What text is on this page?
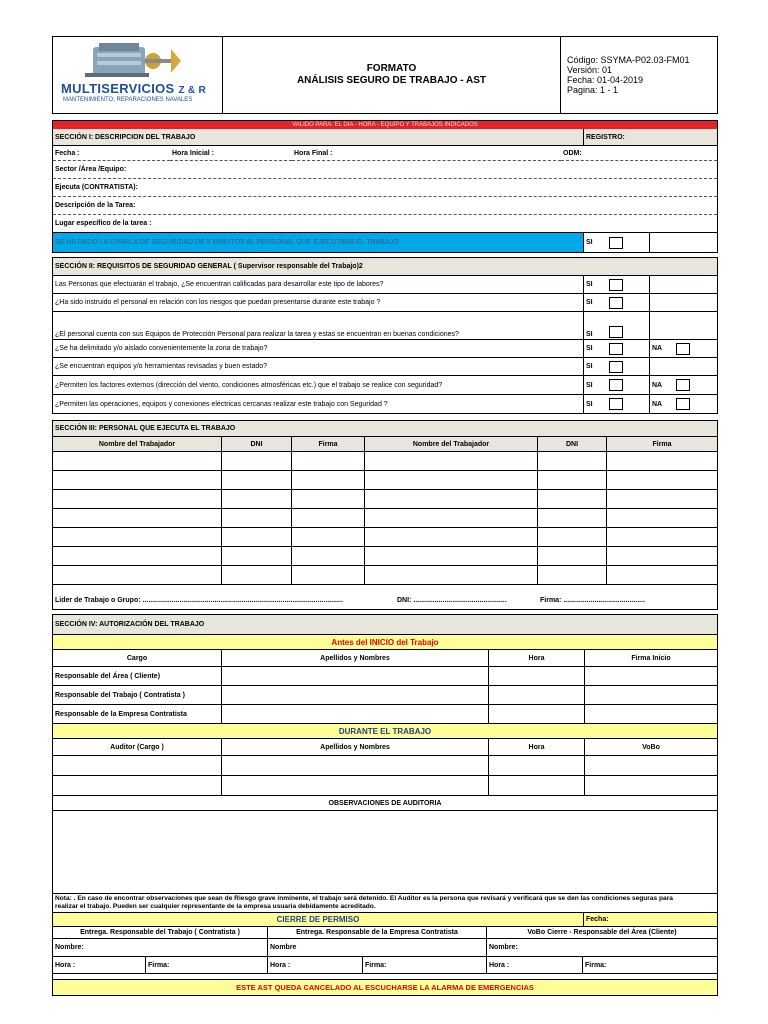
MULTISERVICIOS Z & R
MANTENIMIENTO, REPARACIONES NAVALES
FORMATO
ANÁLISIS SEGURO DE TRABAJO - AST
Código: SSYMA-P02.03-FM01
Versión: 01
Fecha: 01-04-2019
Pagina: 1 - 1
VALIDO PARA: EL DIA - HORA - EQUIPO Y TRABAJOS INDICADOS
SECCIÓN I: DESCRIPCION DEL TRABAJO	REGISTRO:
Fecha :	Hora Inicial :	Hora Final :	ODM:
Sector /Área /Equipo:
Ejecuta (CONTRATISTA):
Descripción de la Tarea:
Lugar específico de la tarea :
SE HA DADO LA CHARLA DE SEGURIDAD DE 5 MINUTOS AL PERSONAL QUE EJECUTARA EL TRABAJO	SI
SECCIÓN II: REQUISITOS DE SEGURIDAD GENERAL ( Supervisor responsable del Trabajo)2
Las Personas que efectuarán el trabajo, ¿Se encuentran calificadas para desarrollar este tipo de labores?	SI
¿Ha sido instruido el personal en relación con los riesgos que puedan presentarse durante este trabajo ?	SI
¿El personal cuenta con sus Equipos de Protección Personal para realizar la tarea y estas se encuentran en buenas condiciones?	SI
¿Se ha delimitado y/o aislado convenientemente la zona de trabajo?	SI	NA
¿Se encuentran equipos y/o herramientas revisadas y buen estado?	SI
¿Permiten los factores externos (dirección del viento, condiciones atmosféricas etc.) que el trabajo se realice con seguridad?	SI	NA
¿Permiten las operaciones, equipos y conexiones eléctricas cercanas realizar este trabajo con Seguridad ?	SI	NA
SECCIÓN III: PERSONAL QUE EJECUTA EL TRABAJO
Nombre del Trabajador	DNI	Firma	Nombre del Trabajador	DNI	Firma
Lider de Trabajo o Grupo: .......................................................................................................	DNI: ................................................	Firma: ..........................................
SECCIÓN IV: AUTORIZACIÓN DEL TRABAJO
Antes del INICIO del Trabajo
Cargo	Apellidos y Nombres	Hora	Firma Inicio
Responsable del Área ( Cliente)
Responsable del Trabajo ( Contratista )
Responsable de la Empresa Contratista
DURANTE EL TRABAJO
Auditor (Cargo )	Apellidos y Nombres	Hora	VoBo
OBSERVACIONES DE AUDITORIA
Nota: . En caso de encontrar observaciones que sean de Riesgo grave inminente, el trabajo será detenido. El Auditor es la persona que revisará y verificará que se den las condiciones seguras para
realizar el trabajo. Pueden ser cualquier representante de la empresa usuaria debidamente acreditado.
CIERRE DE PERMISO	Fecha:
Entrega. Responsable del Trabajo ( Contratista )	Entrega. Responsable de la Empresa Contratista	VoBo Cierre - Responsable del Área (Cliente)
Nombre:	Nombre	Nombre:
Hora :	Firma:	Hora :	Firma:	Hora :	Firma:
ESTE AST QUEDA CANCELADO AL ESCUCHARSE LA ALARMA DE EMERGENCIAS
